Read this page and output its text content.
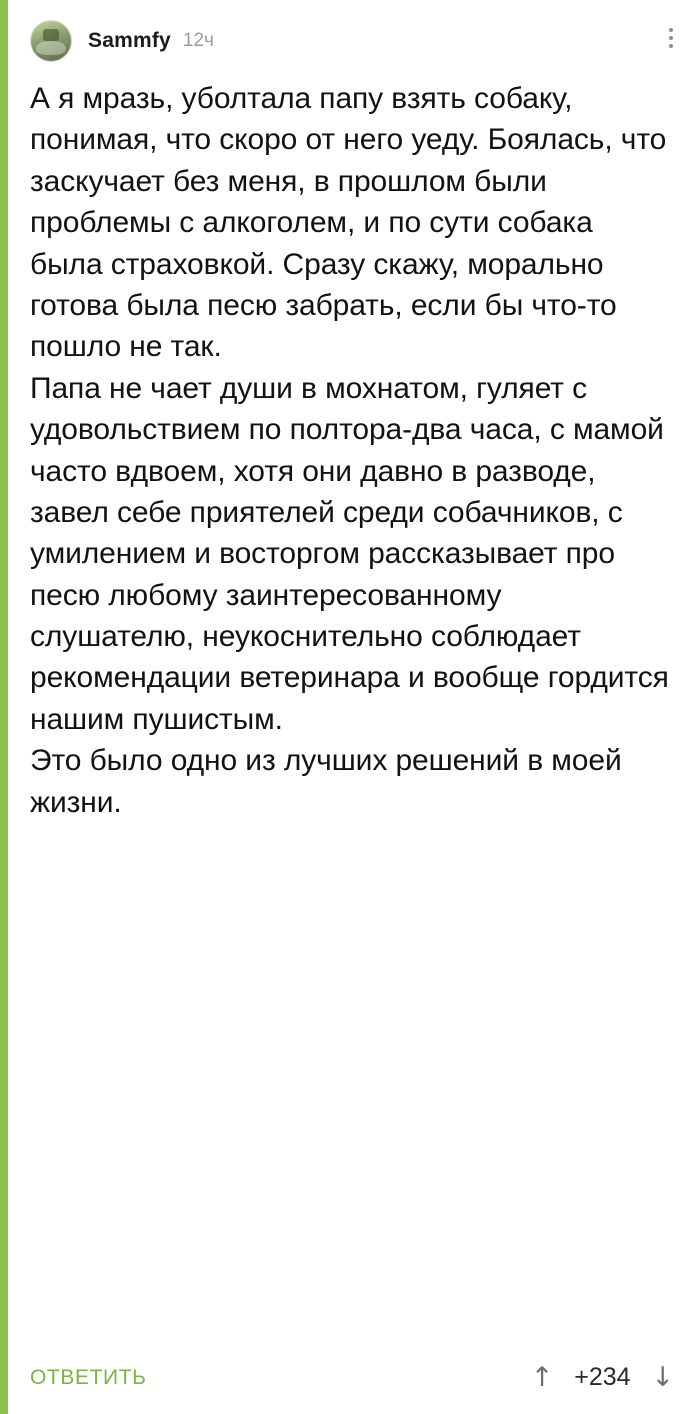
Sammfy 12ч

А я мразь, уболтала папу взять собаку, понимая, что скоро от него уеду. Боялась, что заскучает без меня, в прошлом были проблемы с алкоголем, и по сути собака была страховкой. Сразу скажу, морально готова была песю забрать, если бы что-то пошло не так.
Папа не чает души в мохнатом, гуляет с удовольствием по полтора-два часа, с мамой часто вдвоем, хотя они давно в разводе, завел себе приятелей среди собачников, с умилением и восторгом рассказывает про песю любому заинтересованному слушателю, неукоснительно соблюдает рекомендации ветеринара и вообще гордится нашим пушистым.
Это было одно из лучших решений в моей жизни.

ОТВЕТИТЬ	↑ +234 ↓
